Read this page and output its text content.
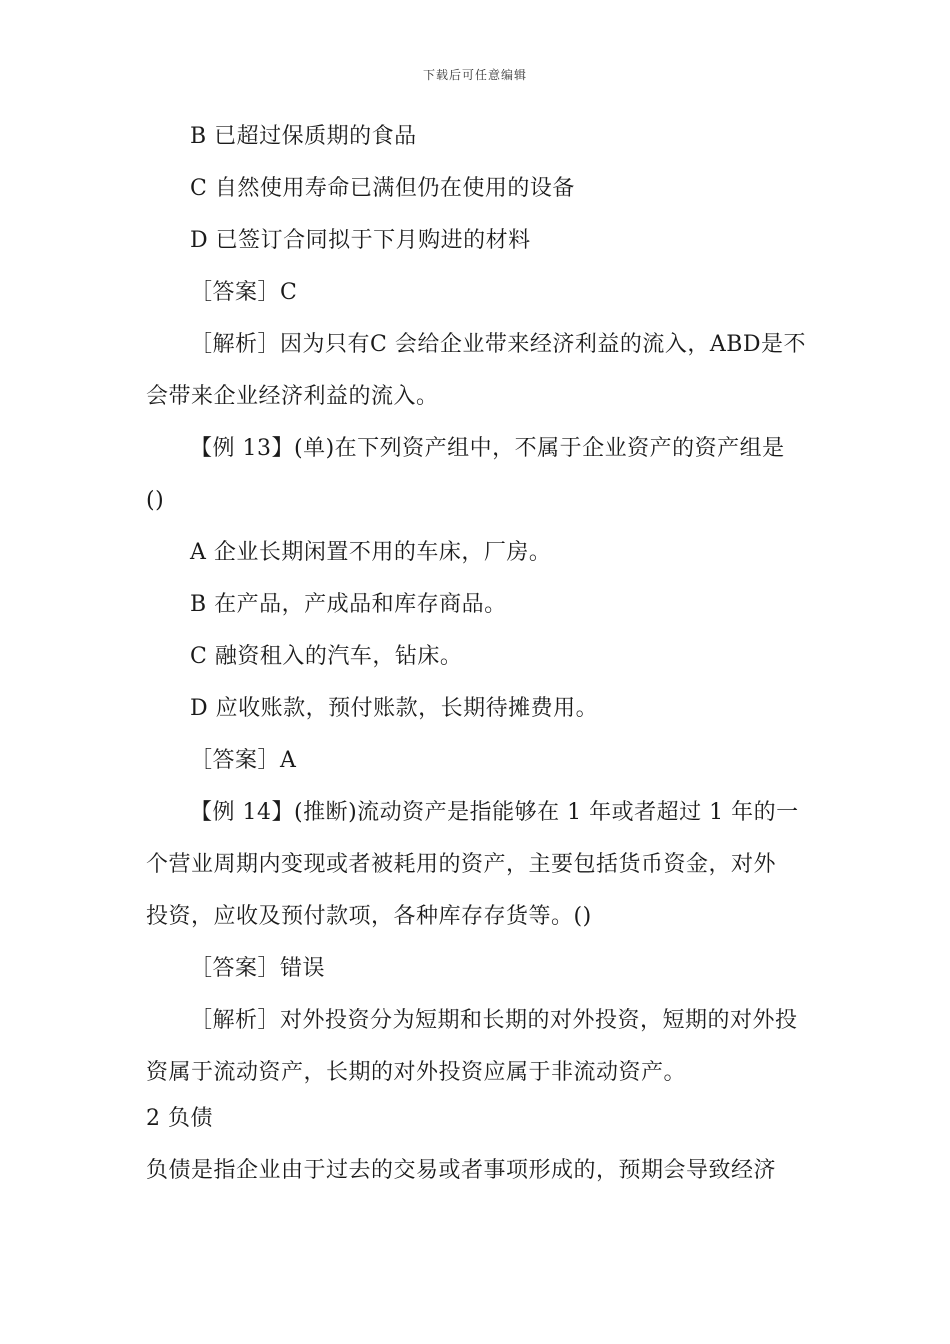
下载后可任意编辑
B 已超过保质期的食品
C 自然使用寿命已满但仍在使用的设备
D 已签订合同拟于下月购进的材料
［答案］C
［解析］因为只有C 会给企业带来经济利益的流入，ABD是不
会带来企业经济利益的流入。
【例 13】(单)在下列资产组中，不属于企业资产的资产组是
()
A 企业长期闲置不用的车床，厂房。
B 在产品，产成品和库存商品。
C 融资租入的汽车，钻床。
D 应收账款，预付账款，长期待摊费用。
［答案］A
【例 14】(推断)流动资产是指能够在 1 年或者超过 1 年的一
个营业周期内变现或者被耗用的资产，主要包括货币资金，对外
投资，应收及预付款项，各种库存存货等。()
［答案］错误
［解析］对外投资分为短期和长期的对外投资，短期的对外投
资属于流动资产，长期的对外投资应属于非流动资产。
2 负债
负债是指企业由于过去的交易或者事项形成的，预期会导致经济
